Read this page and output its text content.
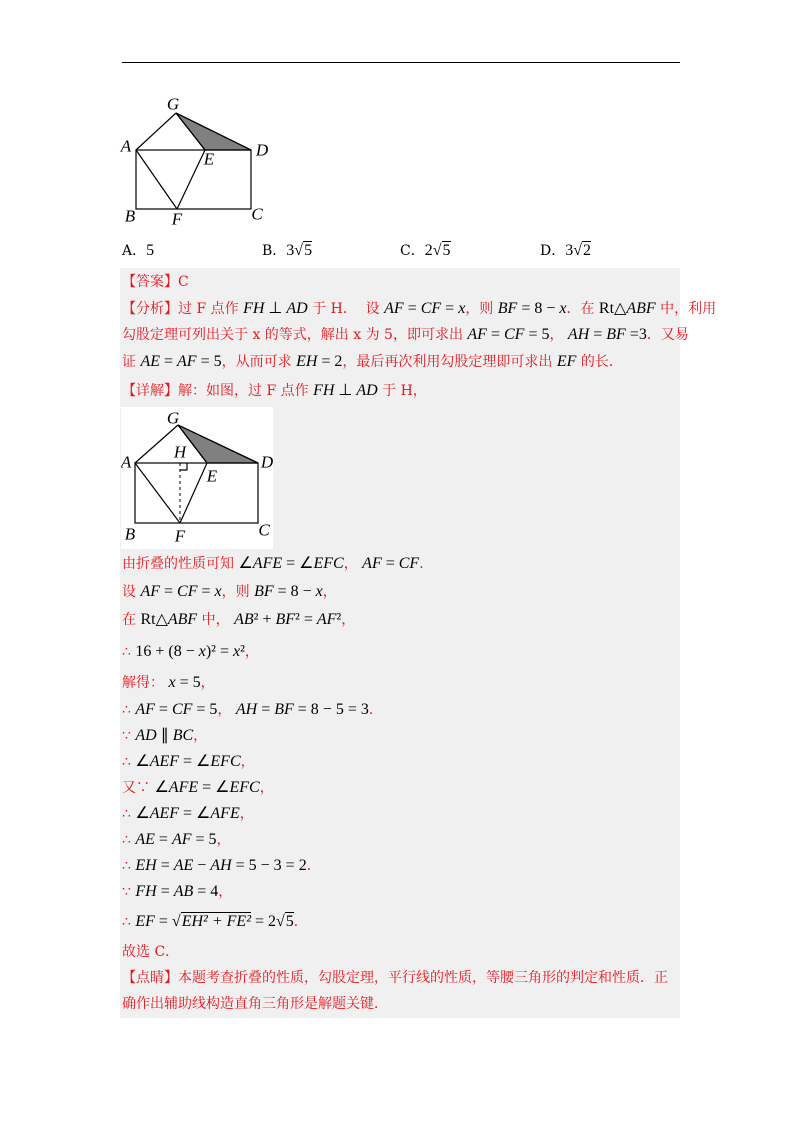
G
A
E D
B F	C
A．5	B．3√5	C．2√5	D．3√2
【答案】C
【分析】过 F 点作 FH ⊥ AD 于 H．  设 AF = CF = x，则 BF = 8 − x．在 Rt△ABF 中，利用
勾股定理可列出关于 x 的等式，解出 x 为 5，即可求出 AF = CF = 5， AH = BF =3．又易
证 AE = AF = 5，从而可求 EH = 2，最后再次利用勾股定理即可求出 EF 的长．
【详解】解：如图，过 F 点作 FH ⊥ AD 于 H，
G
A
H
E
D
B F	C
由折叠的性质可知 ∠AFE = ∠EFC， AF = CF．
设 AF = CF = x，则 BF = 8 − x，
在 Rt△ABF 中， AB² + BF² = AF²，
∴ 16 + (8 − x)² = x²，
解得： x = 5，
∴ AF = CF = 5， AH = BF = 8 − 5 = 3．
∵ AD ∥ BC，
∴ ∠AEF = ∠EFC，
又∵ ∠AFE = ∠EFC，
∴ ∠AEF = ∠AFE，
∴ AE = AF = 5，
∴ EH = AE − AH = 5 − 3 = 2．
∵ FH = AB = 4，
∴ EF = √EH² + FE² = 2√5．
故选 C．
【点睛】本题考查折叠的性质，勾股定理，平行线的性质，等腰三角形的判定和性质．正
确作出辅助线构造直角三角形是解题关键．
